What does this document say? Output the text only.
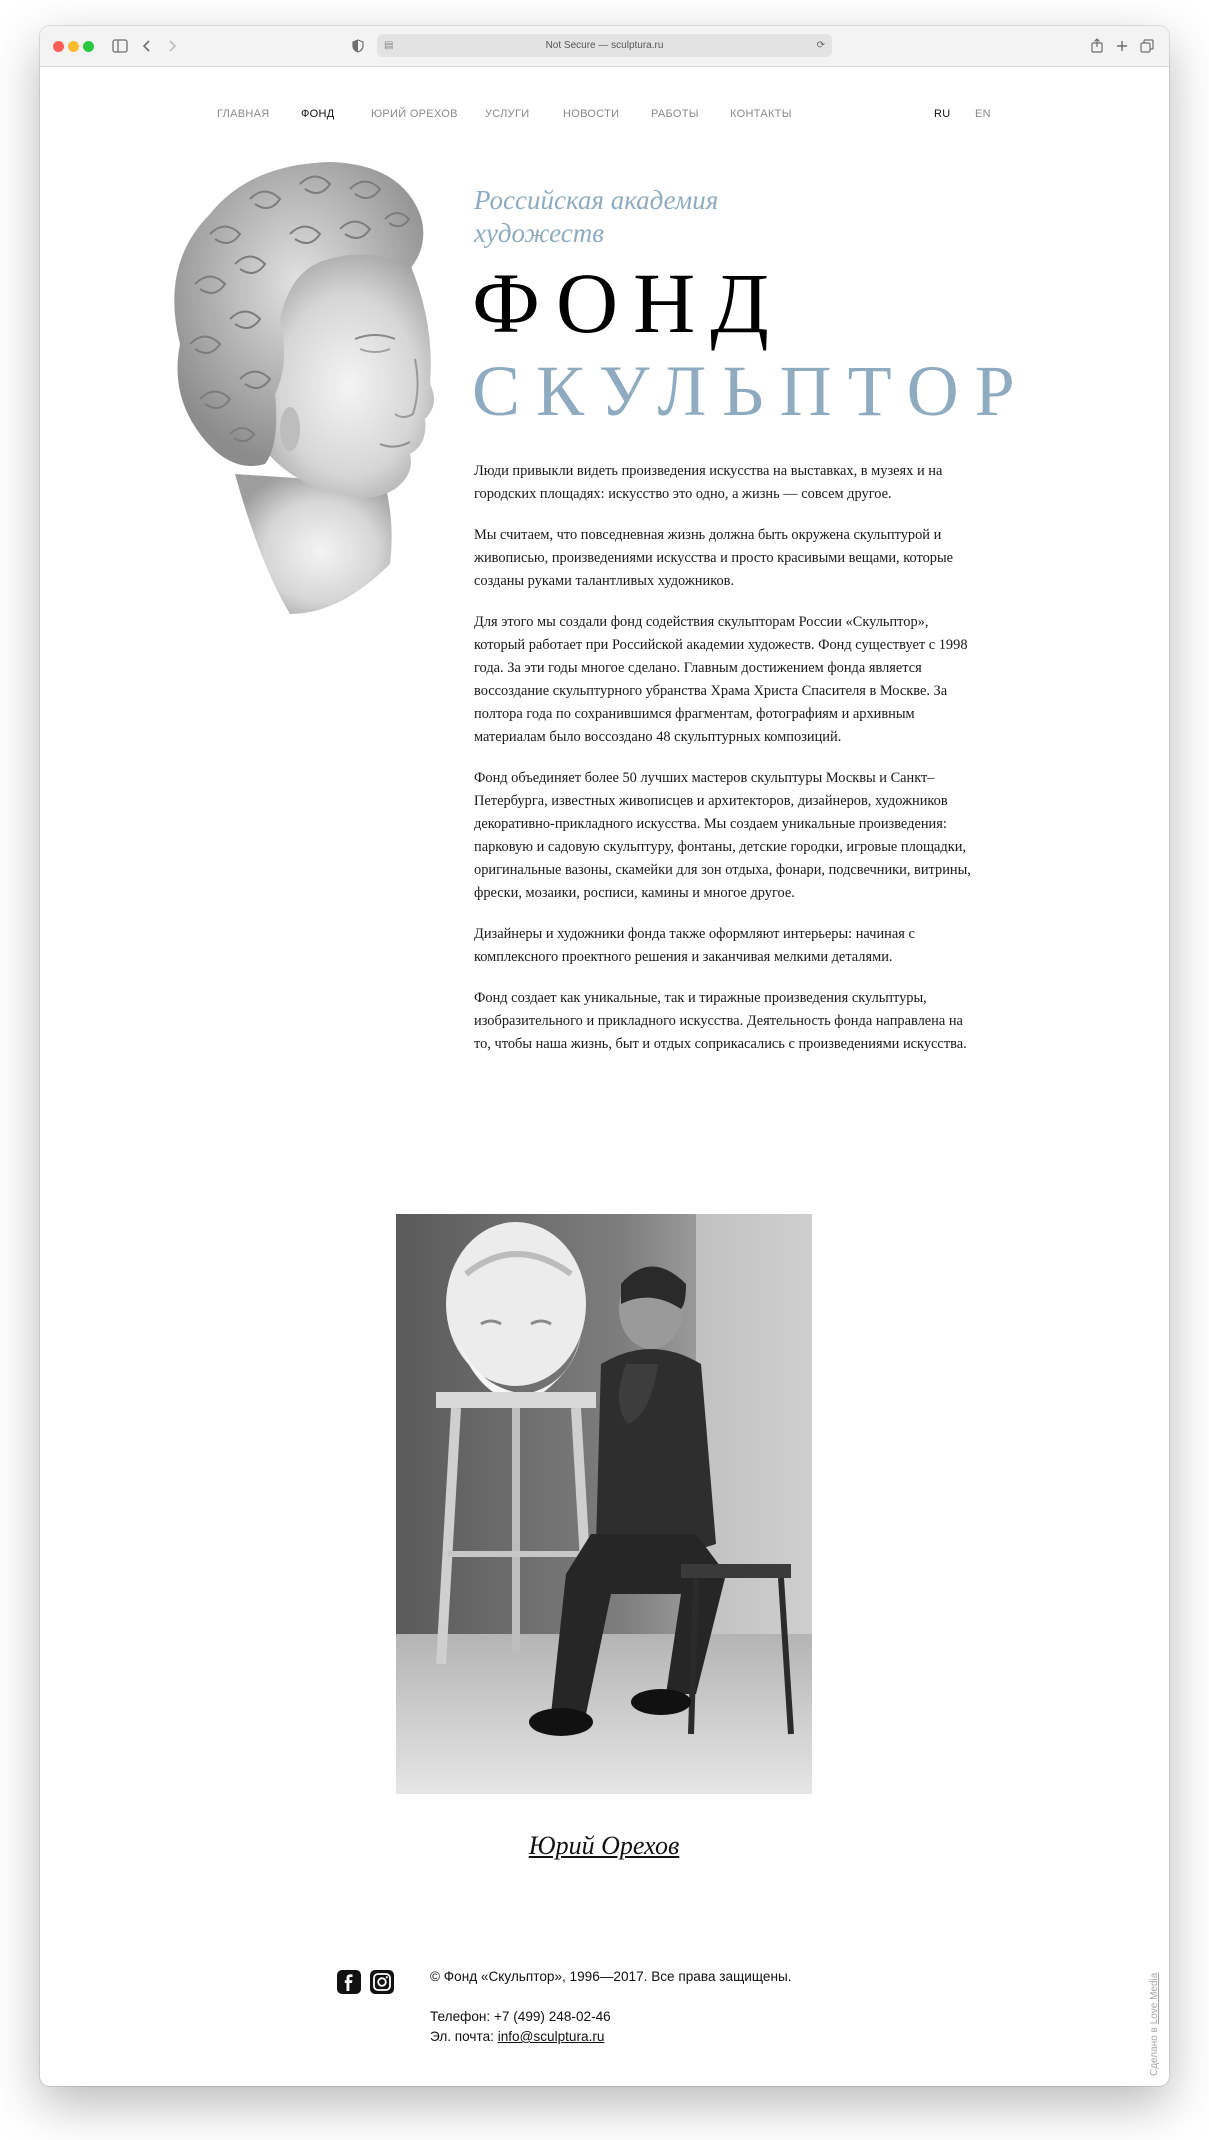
▤	Not Secure — sculptura.ru	⟳
ГЛАВНАЯ	ФОНД	ЮРИЙ ОРЕХОВ УСЛУГИ	НОВОСТИ	РАБОТЫ	КОНТАКТЫ	RU EN
Российская академия
художеств
ФОНД
СКУЛЬПТОР

Люди привыкли видеть произведения искусства на выставках, в музеях и на городских площадях: искусство это одно, а жизнь — совсем другое.

Мы считаем, что повседневная жизнь должна быть окружена скульптурой и живописью, произведениями искусства и просто красивыми вещами, которые созданы руками талантливых художников.

Для этого мы создали фонд содействия скульпторам России «Скульптор», который работает при Российской академии художеств. Фонд существует с 1998 года. За эти годы многое сделано. Главным достижением фонда является воссоздание скульптурного убранства Храма Христа Спасителя в Москве. За полтора года по сохранившимся фрагментам, фотографиям и архивным материалам было воссоздано 48 скульптурных композиций.

Фонд объединяет более 50 лучших мастеров скульптуры Москвы и Санкт–Петербурга, известных живописцев и архитекторов, дизайнеров, художников декоративно-прикладного искусства. Мы создаем уникальные произведения: парковую и садовую скульптуру, фонтаны, детские городки, игровые площадки, оригинальные вазоны, скамейки для зон отдыха, фонари, подсвечники, витрины, фрески, мозаики, росписи, камины и многое другое.

Дизайнеры и художники фонда также оформляют интерьеры: начиная с комплексного проектного решения и заканчивая мелкими деталями.

Фонд создает как уникальные, так и тиражные произведения скульптуры, изобразительного и прикладного искусства. Деятельность фонда направлена на то, чтобы наша жизнь, быт и отдых соприкасались с произведениями искусства.

Юрий Орехов
© Фонд «Скульптор», 1996—2017. Все права защищены.
Телефон: +7 (499) 248-02-46
Эл. почта: info@sculptura.ru	Сделано в Love Media
